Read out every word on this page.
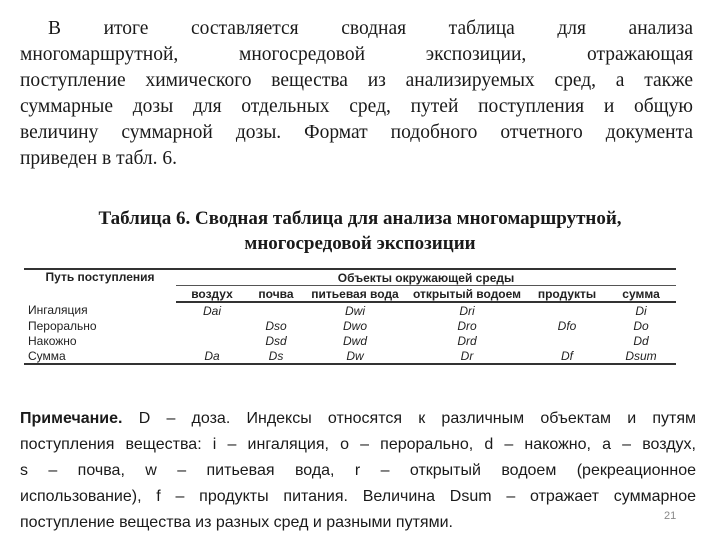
В итоге составляется сводная таблица для анализа
многомаршрутной, многосредовой экспозиции, отражающая
поступление химического вещества из анализируемых сред, а также
суммарные дозы для отдельных сред, путей поступления и общую
величину суммарной дозы. Формат подобного отчетного документа
приведен в табл. 6.
Таблица 6. Сводная таблица для анализа многомаршрутной,
многосредовой экспозиции
Путь поступления	Объекты окружающей среды					
	воздух	почва	питьевая вода	открытый водоем	продукты	сумма
Ингаляция	Dai		Dwi	Dri		Di
Перорально		Dso	Dwo	Dro	Dfo	Do
Накожно		Dsd	Dwd	Drd		Dd
Сумма	Da	Ds	Dw	Dr	Df	Dsum
Примечание. D – доза. Индексы относятся к различным объектам и путям
поступления вещества: i – ингаляция, о – перорально, d – накожно, а – воздух,
s – почва, w – питьевая вода, r – открытый водоем (рекреационное
использование), f – продукты питания. Величина Dsum – отражает суммарное
поступление вещества из разных сред и разными путями.	21
